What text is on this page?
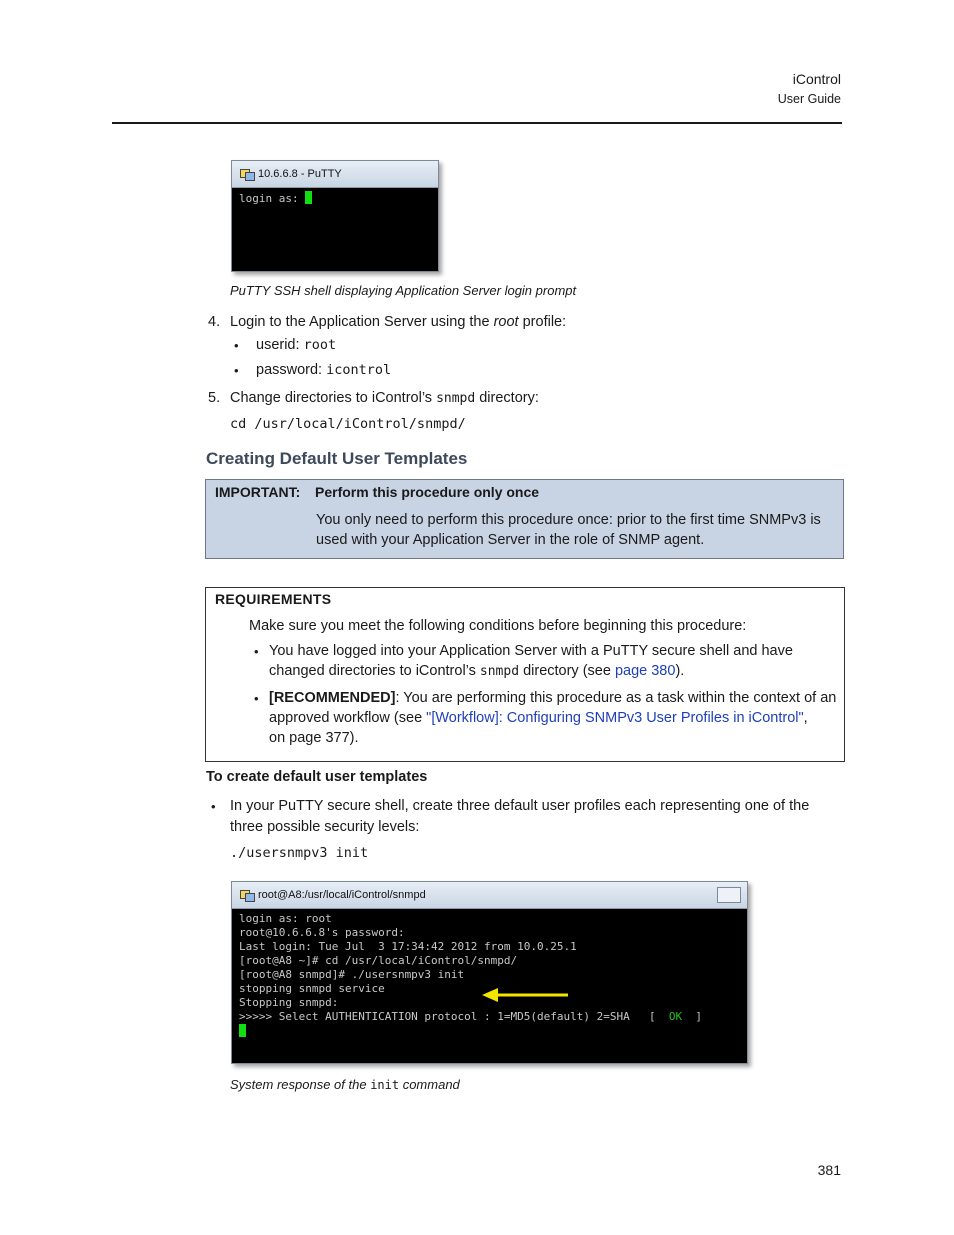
iControl
User Guide
10.6.6.8 - PuTTY
login as:
PuTTY SSH shell displaying Application Server login prompt
4. Login to the Application Server using the root profile:
• userid: root
• password: icontrol
5. Change directories to iControl’s snmpd directory:
cd /usr/local/iControl/snmpd/
Creating Default User Templates
IMPORTANT: Perform this procedure only once
You only need to perform this procedure once: prior to the first time SNMPv3 is
used with your Application Server in the role of SNMP agent.
REQUIREMENTS
Make sure you meet the following conditions before beginning this procedure:
• You have logged into your Application Server with a PuTTY secure shell and have
changed directories to iControl’s snmpd directory (see page 380).
• [RECOMMENDED]: You are performing this procedure as a task within the context of an
approved workflow (see "[Workflow]: Configuring SNMPv3 User Profiles in iControl",
on page 377).
To create default user templates
• In your PuTTY secure shell, create three default user profiles each representing one of the
three possible security levels:
./usersnmpv3 init
root@A8:/usr/local/iControl/snmpd
login as: root
root@10.6.6.8's password:
Last login: Tue Jul  3 17:34:42 2012 from 10.0.25.1
[root@A8 ~]# cd /usr/local/iControl/snmpd/
[root@A8 snmpd]# ./usersnmpv3 init
stopping snmpd service
Stopping snmpd:
>>>>> Select AUTHENTICATION protocol : 1=MD5(default) 2=SHA

[  OK  ]

System response of the init command
381
